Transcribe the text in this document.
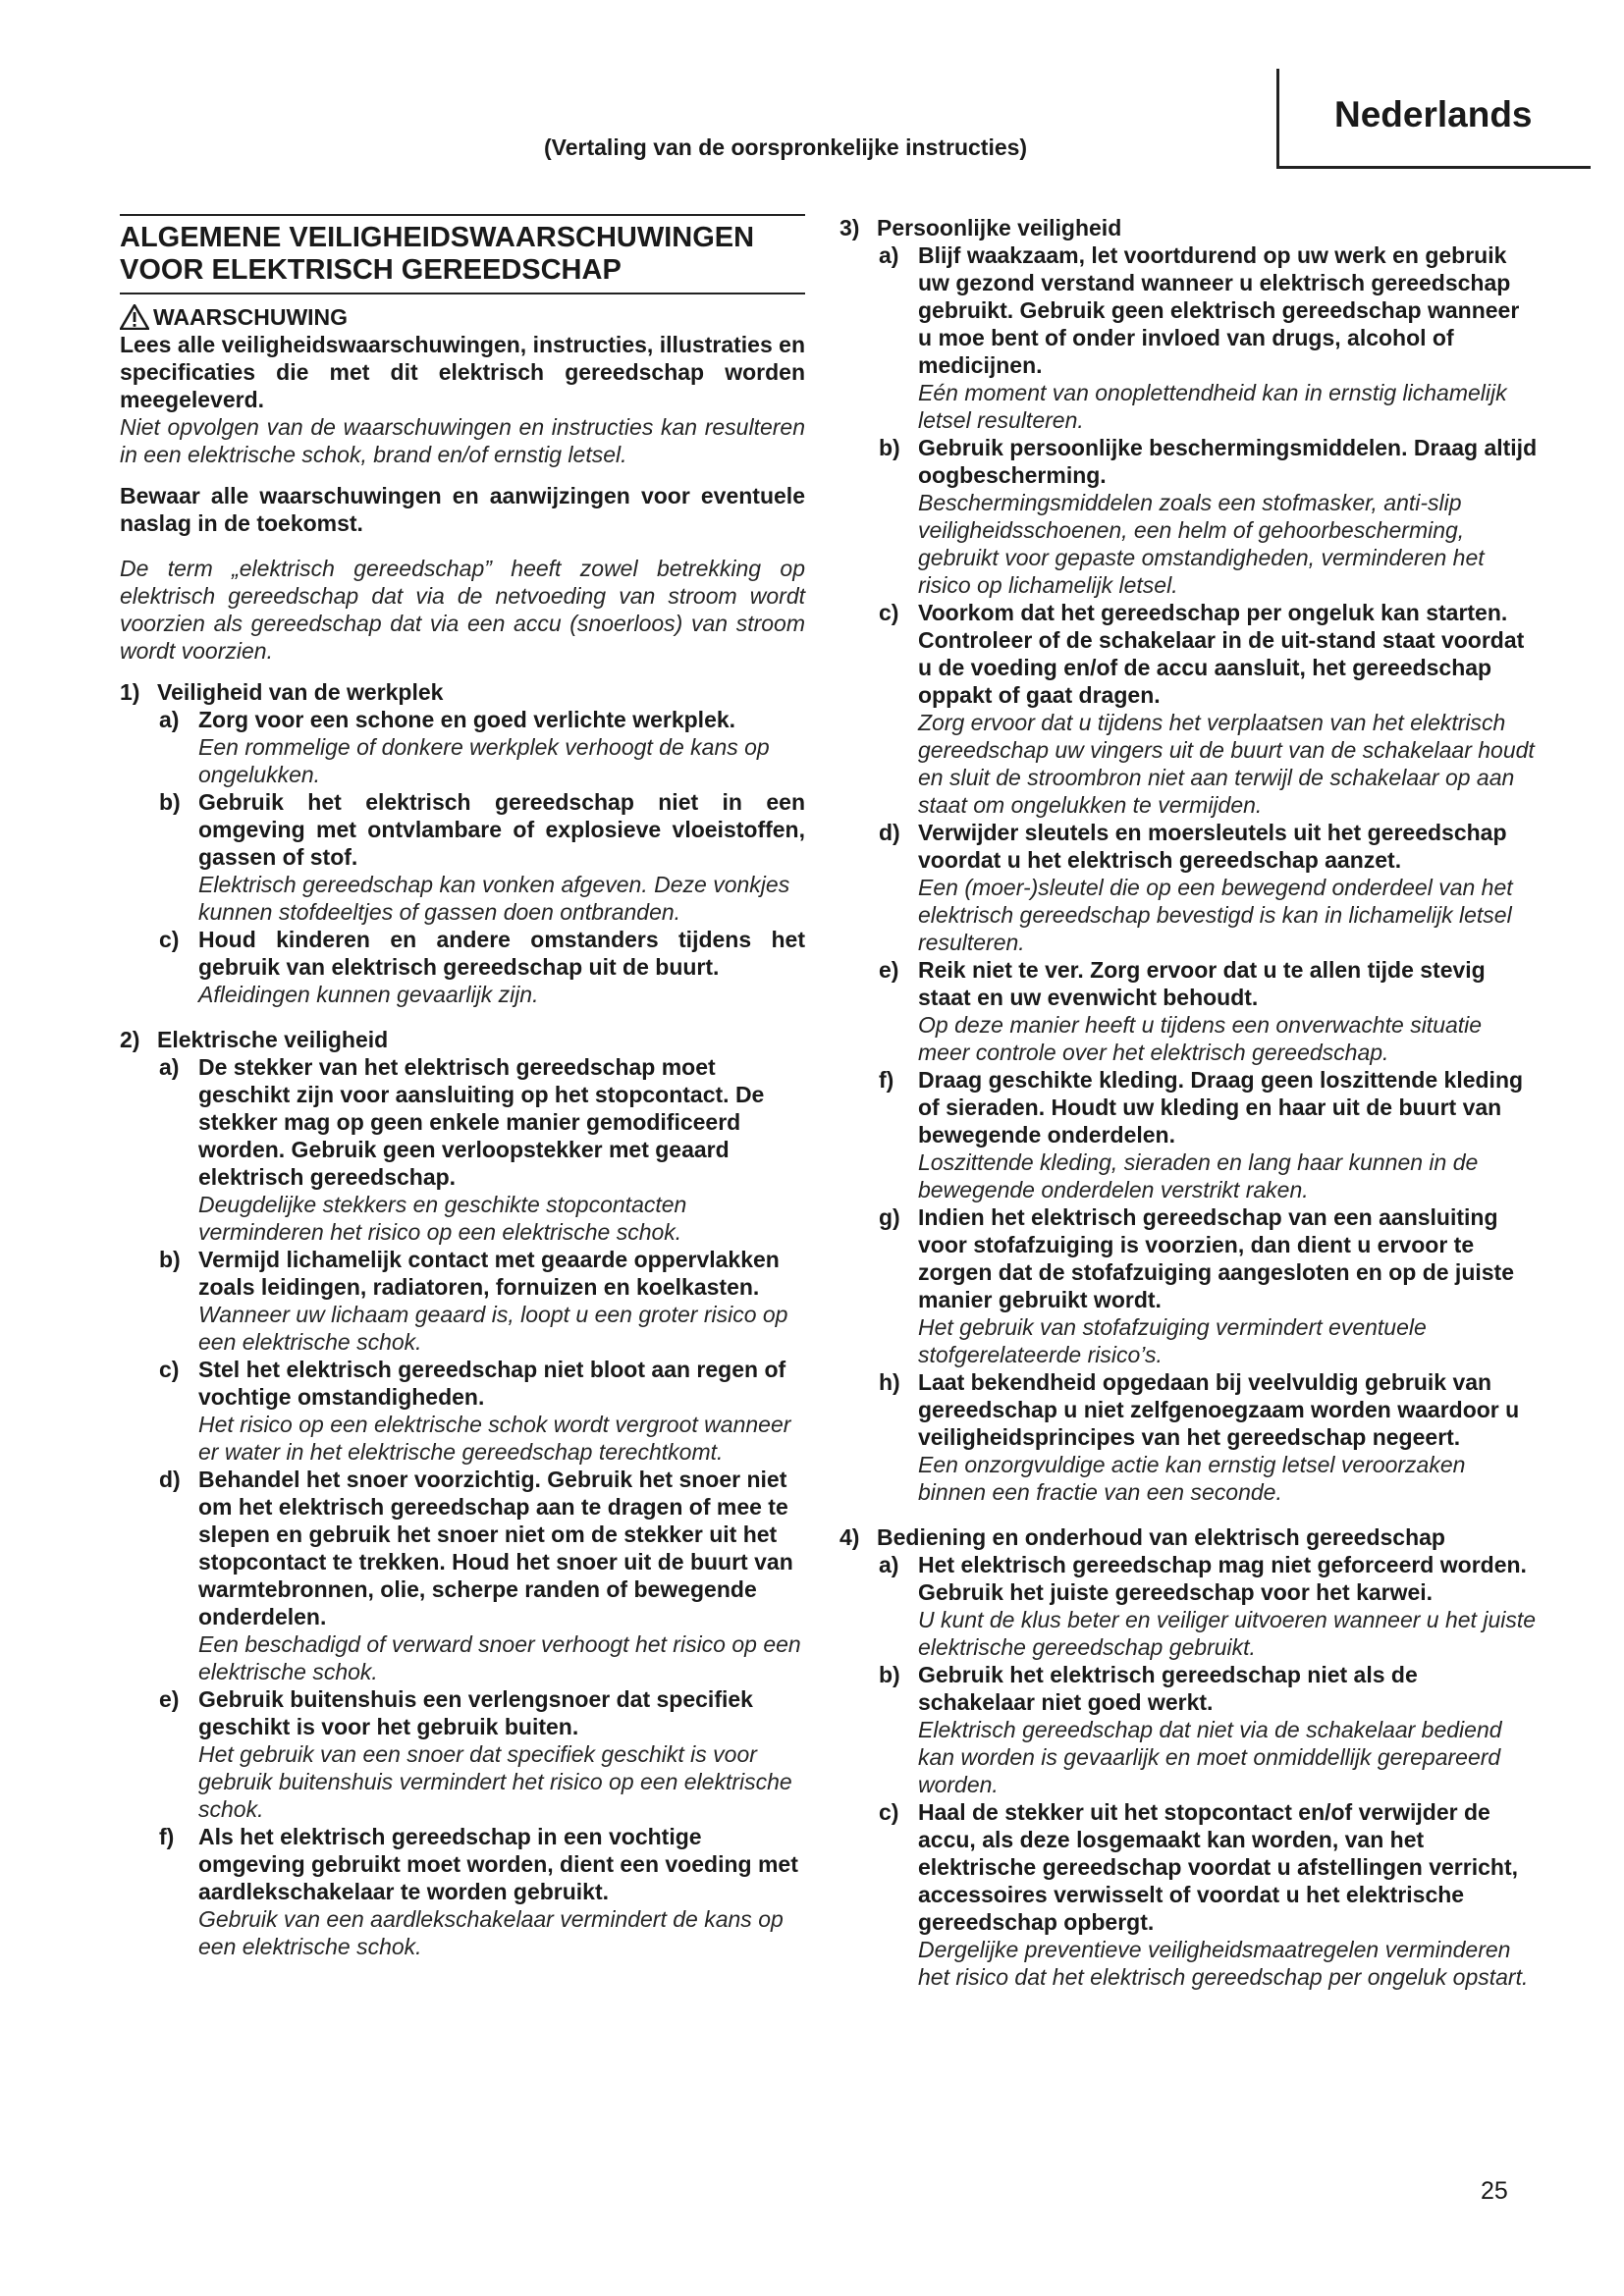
Nederlands
(Vertaling van de oorspronkelijke instructies)
ALGEMENE VEILIGHEIDSWAARSCHUWINGEN
VOOR ELEKTRISCH GEREEDSCHAP
WAARSCHUWING

Lees alle veiligheidswaarschuwingen, instructies, illustraties en specificaties die met dit elektrisch gereedschap worden meegeleverd.

Niet opvolgen van de waarschuwingen en instructies kan resulteren in een elektrische schok, brand en/of ernstig letsel.

Bewaar alle waarschuwingen en aanwijzingen voor eventuele naslag in de toekomst.

De term „elektrisch gereedschap” heeft zowel betrekking op elektrisch gereedschap dat via de netvoeding van stroom wordt voorzien als gereedschap dat via een accu (snoerloos) van stroom wordt voorzien.

1) Veiligheid van de werkplek
a) Zorg voor een schone en goed verlichte werkplek.

Een rommelige of donkere werkplek verhoogt de kans op ongelukken.

b) Gebruik het elektrisch gereedschap niet in een omgeving met ontvlambare of explosieve vloeistoffen, gassen of stof.

Elektrisch gereedschap kan vonken afgeven. Deze vonkjes kunnen stofdeeltjes of gassen doen ontbranden.

c) Houd kinderen en andere omstanders tijdens het gebruik van elektrisch gereedschap uit de buurt.

Afleidingen kunnen gevaarlijk zijn.

2) Elektrische veiligheid
a) De stekker van het elektrisch gereedschap moet geschikt zijn voor aansluiting op het stopcontact. De stekker mag op geen enkele manier gemodificeerd worden. Gebruik geen verloopstekker met geaard elektrisch gereedschap.

Deugdelijke stekkers en geschikte stopcontacten verminderen het risico op een elektrische schok.

b) Vermijd lichamelijk contact met geaarde oppervlakken zoals leidingen, radiatoren, fornuizen en koelkasten.

Wanneer uw lichaam geaard is, loopt u een groter risico op een elektrische schok.

c) Stel het elektrisch gereedschap niet bloot aan regen of vochtige omstandigheden.

Het risico op een elektrische schok wordt vergroot wanneer er water in het elektrische gereedschap terechtkomt.

d) Behandel het snoer voorzichtig. Gebruik het snoer niet om het elektrisch gereedschap aan te dragen of mee te slepen en gebruik het snoer niet om de stekker uit het stopcontact te trekken. Houd het snoer uit de buurt van warmtebronnen, olie, scherpe randen of bewegende onderdelen.

Een beschadigd of verward snoer verhoogt het risico op een elektrische schok.

e) Gebruik buitenshuis een verlengsnoer dat specifiek geschikt is voor het gebruik buiten.

Het gebruik van een snoer dat specifiek geschikt is voor gebruik buitenshuis vermindert het risico op een elektrische schok.

f)	Als het elektrisch gereedschap in een vochtige omgeving gebruikt moet worden, dient een voeding met aardlekschakelaar te worden gebruikt.

Gebruik van een aardlekschakelaar vermindert de kans op een elektrische schok.

3) Persoonlijke veiligheid
a) Blijf waakzaam, let voortdurend op uw werk en gebruik uw gezond verstand wanneer u elektrisch gereedschap gebruikt. Gebruik geen elektrisch gereedschap wanneer u moe bent of onder invloed van drugs, alcohol of medicijnen.

Eén moment van onoplettendheid kan in ernstig lichamelijk letsel resulteren.

b) Gebruik persoonlijke beschermingsmiddelen. Draag altijd oogbescherming.

Beschermingsmiddelen zoals een stofmasker, anti-slip veiligheidsschoenen, een helm of gehoorbescherming, gebruikt voor gepaste omstandigheden, verminderen het risico op lichamelijk letsel.

c) Voorkom dat het gereedschap per ongeluk kan starten. Controleer of de schakelaar in de uit-stand staat voordat u de voeding en/of de accu aansluit, het gereedschap oppakt of gaat dragen.

Zorg ervoor dat u tijdens het verplaatsen van het elektrisch gereedschap uw vingers uit de buurt van de schakelaar houdt en sluit de stroombron niet aan terwijl de schakelaar op aan staat om ongelukken te vermijden.

d) Verwijder sleutels en moersleutels uit het gereedschap voordat u het elektrisch gereedschap aanzet.

Een (moer-)sleutel die op een bewegend onderdeel van het elektrisch gereedschap bevestigd is kan in lichamelijk letsel resulteren.

e) Reik niet te ver. Zorg ervoor dat u te allen tijde stevig staat en uw evenwicht behoudt.

Op deze manier heeft u tijdens een onverwachte situatie meer controle over het elektrisch gereedschap.

f)	Draag geschikte kleding. Draag geen loszittende kleding of sieraden. Houdt uw kleding en haar uit de buurt van bewegende onderdelen.

Loszittende kleding, sieraden en lang haar kunnen in de bewegende onderdelen verstrikt raken.

g) Indien het elektrisch gereedschap van een aansluiting voor stofafzuiging is voorzien, dan dient u ervoor te zorgen dat de stofafzuiging aangesloten en op de juiste manier gebruikt wordt.

Het gebruik van stofafzuiging vermindert eventuele stofgerelateerde risico’s.

h) Laat bekendheid opgedaan bij veelvuldig gebruik van gereedschap u niet zelfgenoegzaam worden waardoor u veiligheidsprincipes van het gereedschap negeert.

Een onzorgvuldige actie kan ernstig letsel veroorzaken binnen een fractie van een seconde.

4) Bediening en onderhoud van elektrisch gereedschap
a) Het elektrisch gereedschap mag niet geforceerd worden. Gebruik het juiste gereedschap voor het karwei.

U kunt de klus beter en veiliger uitvoeren wanneer u het juiste elektrische gereedschap gebruikt.

b) Gebruik het elektrisch gereedschap niet als de schakelaar niet goed werkt.

Elektrisch gereedschap dat niet via de schakelaar bediend kan worden is gevaarlijk en moet onmiddellijk gerepareerd worden.

c) Haal de stekker uit het stopcontact en/of verwijder de accu, als deze losgemaakt kan worden, van het elektrische gereedschap voordat u afstellingen verricht, accessoires verwisselt of voordat u het elektrische gereedschap opbergt.

Dergelijke preventieve veiligheidsmaatregelen verminderen het risico dat het elektrisch gereedschap per ongeluk opstart.

25
